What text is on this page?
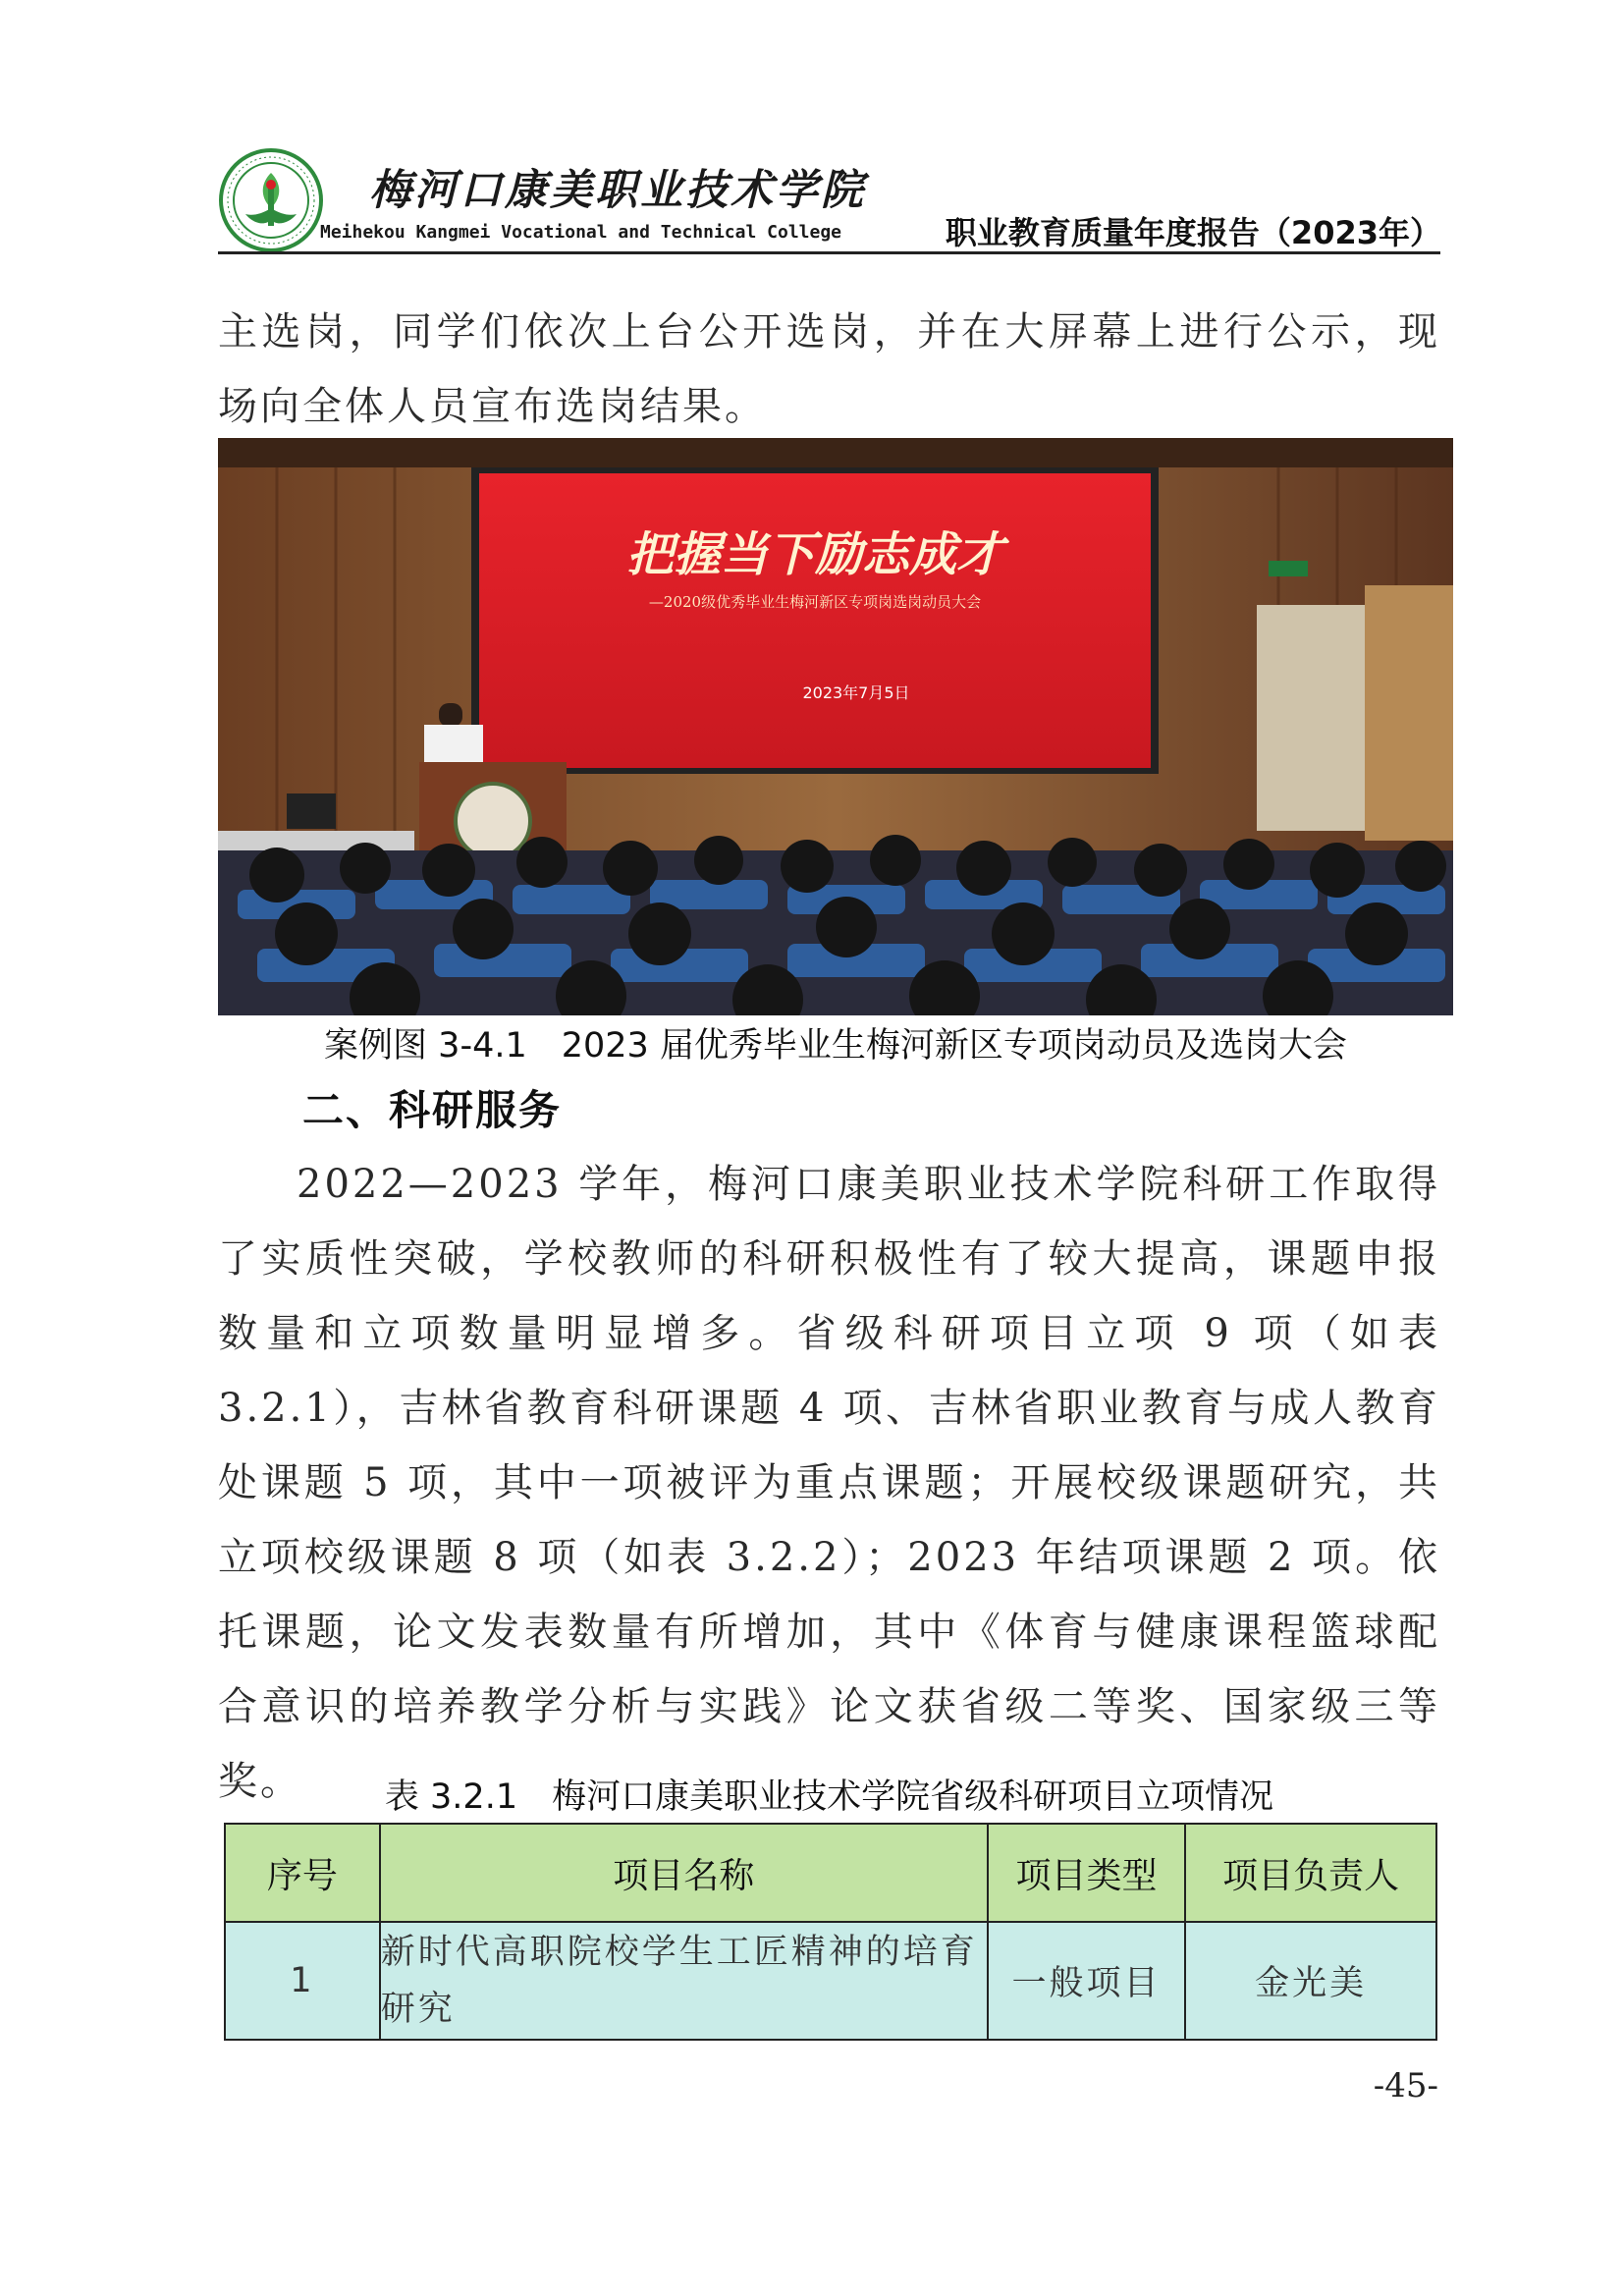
梅河口康美职业技术学院
Meihekou Kangmei Vocational and Technical College	职业教育质量年度报告（2023年）
主选岗，同学们依次上台公开选岗，并在大屏幕上进行公示，现场向全体人员宣布选岗结果。
把握当下励志成才
—2020级优秀毕业生梅河新区专项岗选岗动员大会
2023年7月5日
案例图 3-4.1　2023 届优秀毕业生梅河新区专项岗动员及选岗大会
二、科研服务
2022—2023 学年，梅河口康美职业技术学院科研工作取得了实质性突破，学校教师的科研积极性有了较大提高，课题申报数量和立项数量明显增多。省级科研项目立项 9 项（如表 3.2.1），吉林省教育科研课题 4 项、吉林省职业教育与成人教育处课题 5 项，其中一项被评为重点课题；开展校级课题研究，共立项校级课题 8 项（如表 3.2.2）；2023 年结项课题 2 项。依托课题，论文发表数量有所增加，其中《体育与健康课程篮球配合意识的培养教学分析与实践》论文获省级二等奖、国家级三等奖。	表 3.2.1　梅河口康美职业技术学院省级科研项目立项情况
序号	项目名称	项目类型	项目负责人
1	新时代高职院校学生工匠精神的培育研究	一般项目	金光美
-45-
